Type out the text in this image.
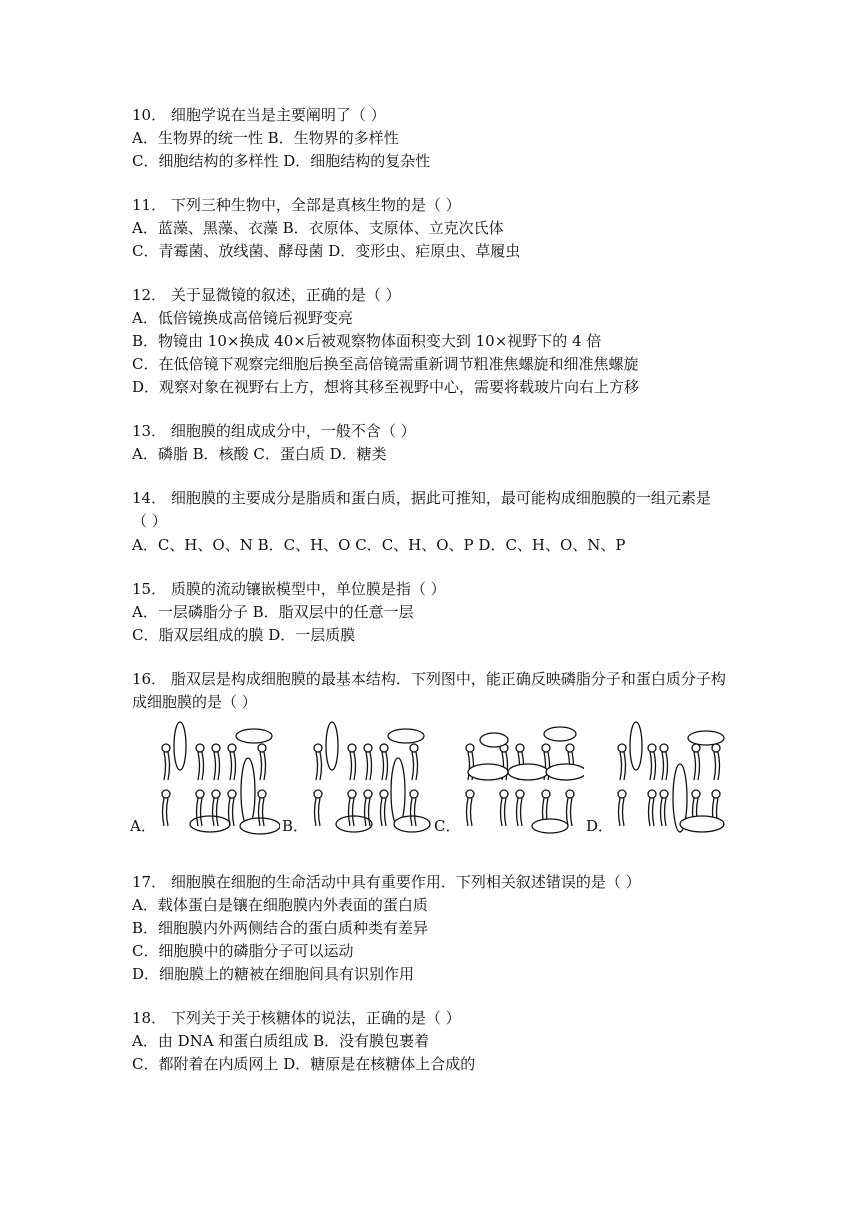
10． 细胞学说在当是主要阐明了（ ）
A．生物界的统一性 B．生物界的多样性
C．细胞结构的多样性 D．细胞结构的复杂性
11． 下列三种生物中，全部是真核生物的是（ ）
A．蓝藻、黑藻、衣藻 B．衣原体、支原体、立克次氏体
C．青霉菌、放线菌、酵母菌 D．变形虫、疟原虫、草履虫
12． 关于显微镜的叙述，正确的是（ ）
A．低倍镜换成高倍镜后视野变亮
B．物镜由 10×换成 40×后被观察物体面积变大到 10×视野下的 4 倍
C．在低倍镜下观察完细胞后换至高倍镜需重新调节粗准焦螺旋和细准焦螺旋
D．观察对象在视野右上方，想将其移至视野中心，需要将载玻片向右上方移
13． 细胞膜的组成成分中，一般不含（ ）
A．磷脂 B．核酸 C．蛋白质 D．糖类
14． 细胞膜的主要成分是脂质和蛋白质，据此可推知，最可能构成细胞膜的一组元素是
（ ）
A．C、H、O、N B．C、H、O C．C、H、O、P D．C、H、O、N、P
15． 质膜的流动镶嵌模型中，单位膜是指（ ）
A．一层磷脂分子 B．脂双层中的任意一层
C．脂双层组成的膜 D．一层质膜
16． 脂双层是构成细胞膜的最基本结构．下列图中，能正确反映磷脂分子和蛋白质分子构
成细胞膜的是（ ）
A．	B．	C．	D．
17． 细胞膜在细胞的生命活动中具有重要作用．下列相关叙述错误的是（ ）
A．载体蛋白是镶在细胞膜内外表面的蛋白质
B．细胞膜内外两侧结合的蛋白质种类有差异
C．细胞膜中的磷脂分子可以运动
D．细胞膜上的糖被在细胞间具有识别作用
18． 下列关于关于核糖体的说法，正确的是（ ）
A．由 DNA 和蛋白质组成 B．没有膜包裹着
C．都附着在内质网上 D．糖原是在核糖体上合成的
